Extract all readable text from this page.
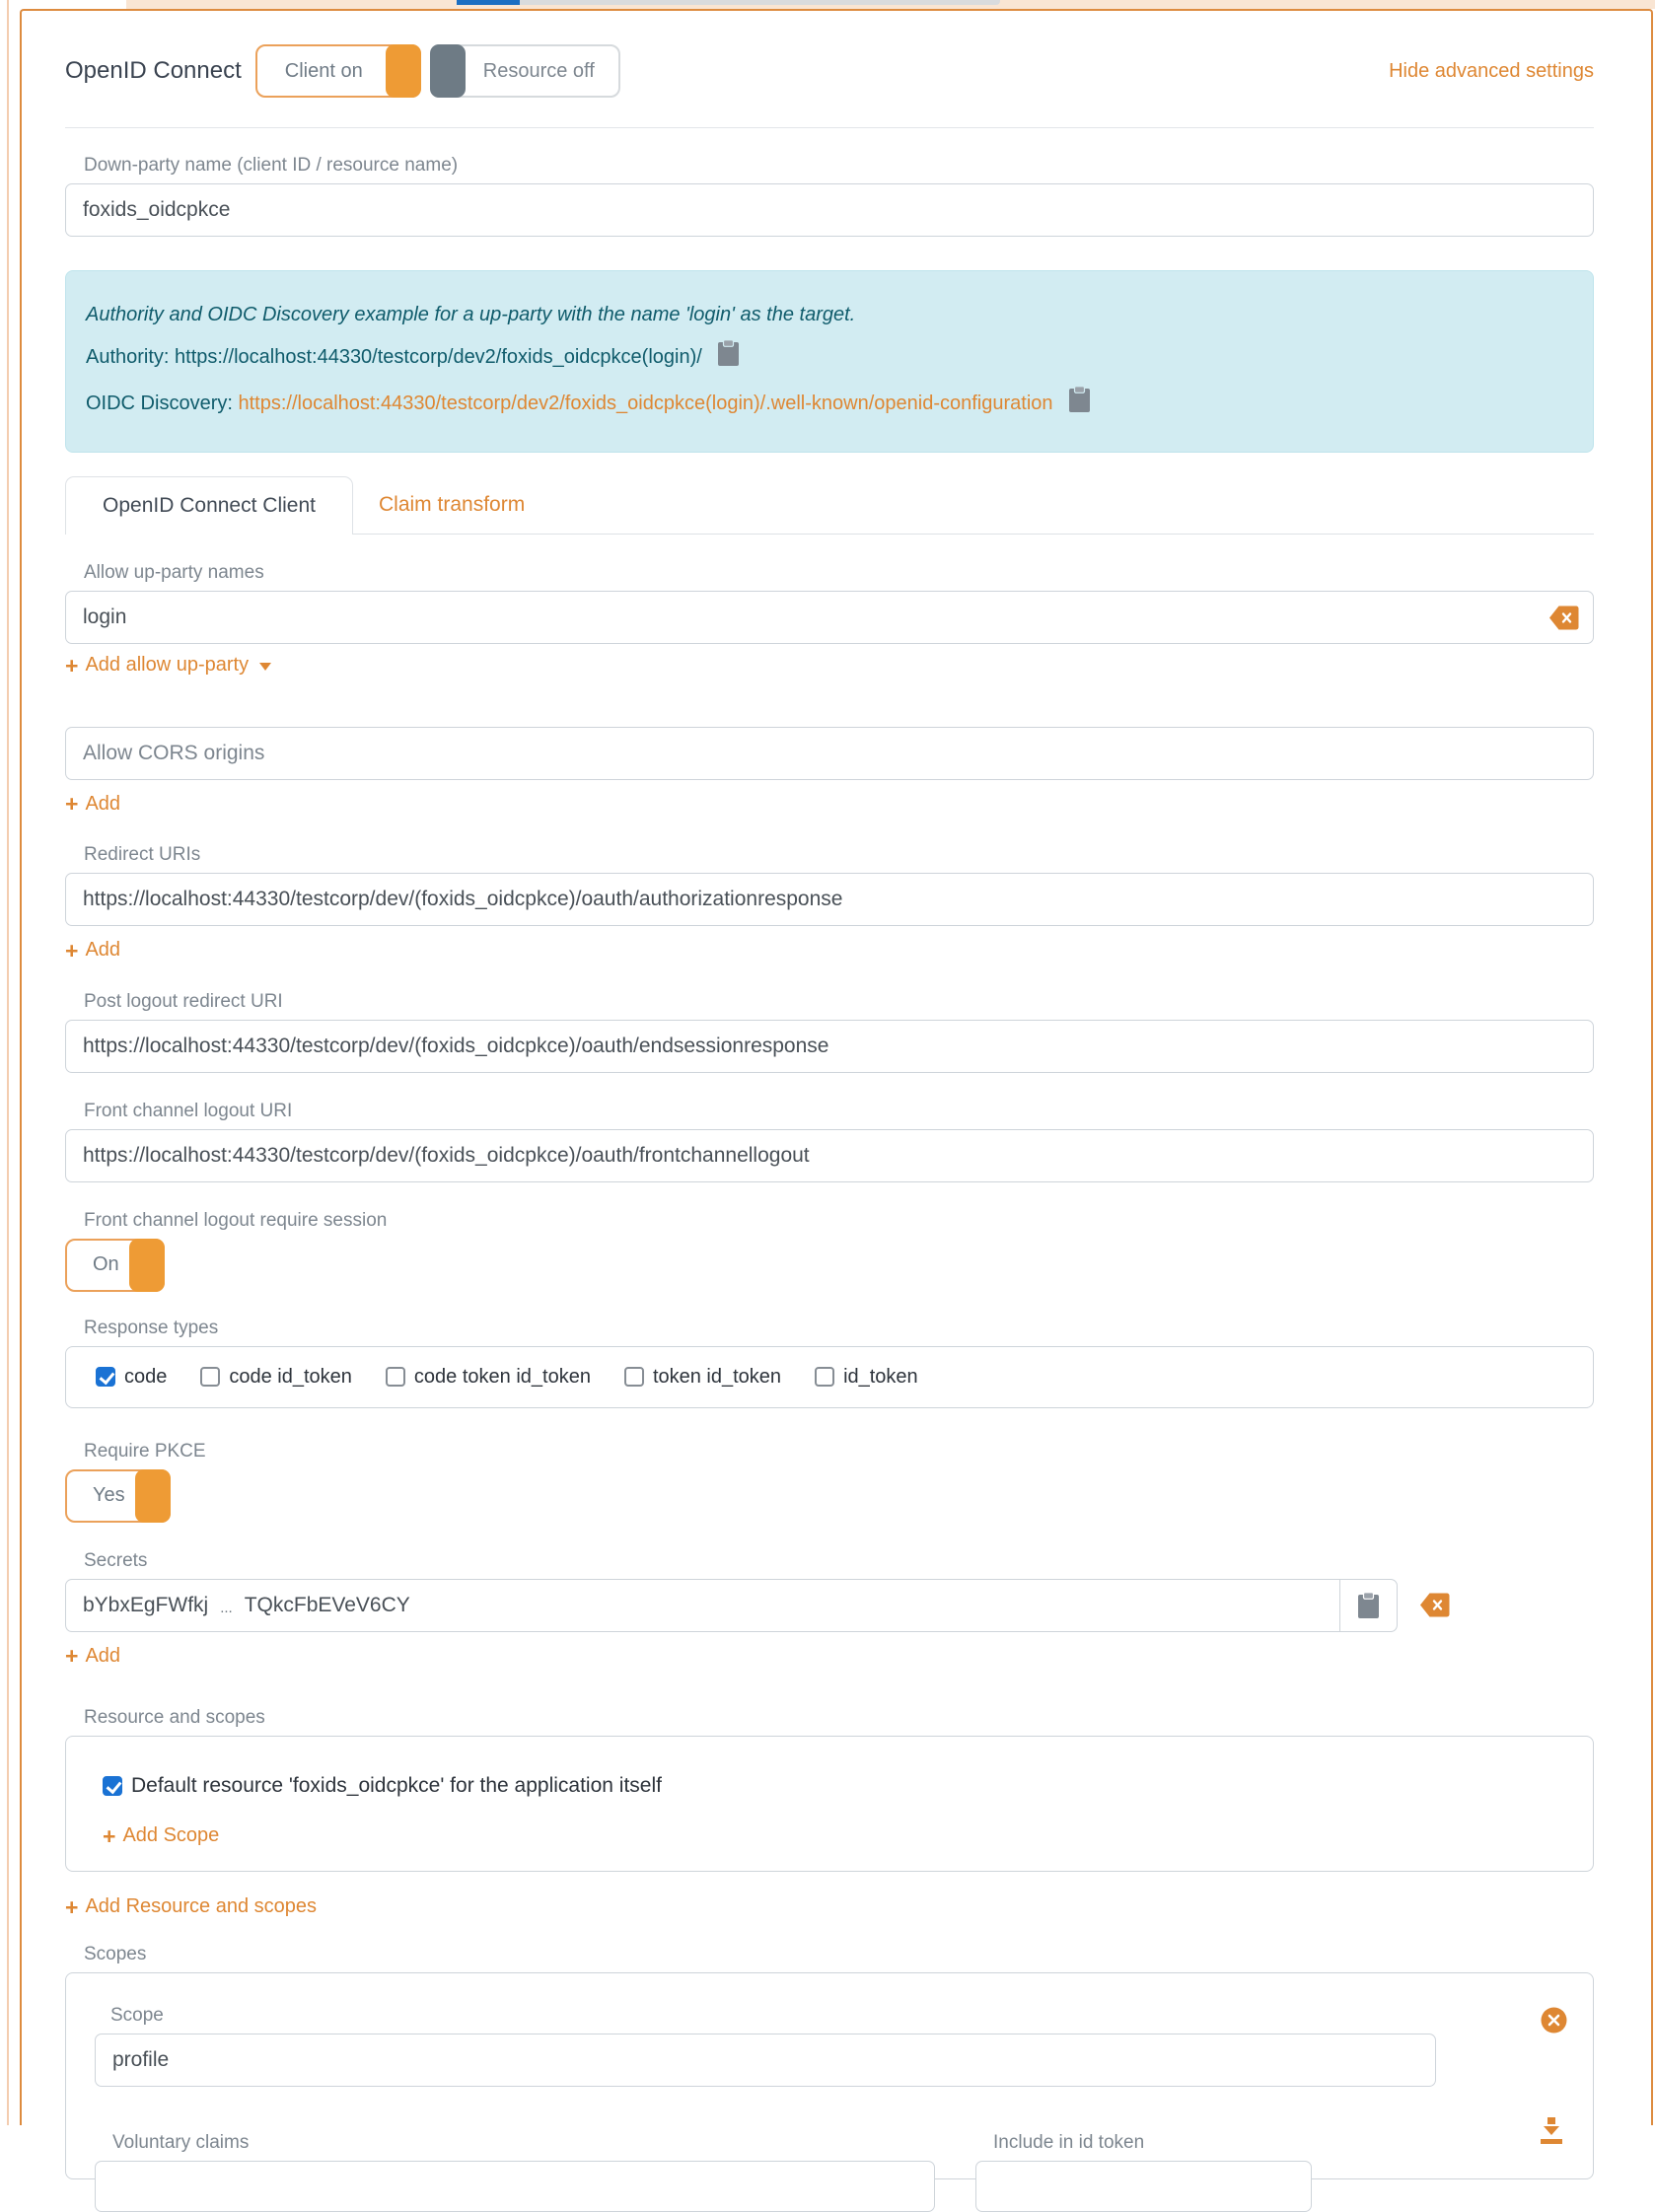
OpenID Connect Client on	Resource off	Hide advanced settings
Down-party name (client ID / resource name)
foxids_oidcpkce
Authority and OIDC Discovery example for a up-party with the name 'login' as the target.
Authority: https://localhost:44330/testcorp/dev2/foxids_oidcpkce(login)/
OIDC Discovery: https://localhost:44330/testcorp/dev2/foxids_oidcpkce(login)/.well-known/openid-configuration
OpenID Connect Client	Claim transform
Allow up-party names
login
+ Add allow up-party
Allow CORS origins
+ Add
Redirect URIs
https://localhost:44330/testcorp/dev/(foxids_oidcpkce)/oauth/authorizationresponse
+ Add
Post logout redirect URI
https://localhost:44330/testcorp/dev/(foxids_oidcpkce)/oauth/endsessionresponse
Front channel logout URI
https://localhost:44330/testcorp/dev/(foxids_oidcpkce)/oauth/frontchannellogout
Front channel logout require session
On
Response types
code	code id_token	code token id_token	token id_token	id_token
Require PKCE
Yes
Secrets
bYbxEgFWfkj ... TQkcFbEVeV6CY
+ Add
Resource and scopes
Default resource 'foxids_oidcpkce' for the application itself
+ Add Scope
+ Add Resource and scopes
Scopes
Scope
profile
Voluntary claims	Include in id token
